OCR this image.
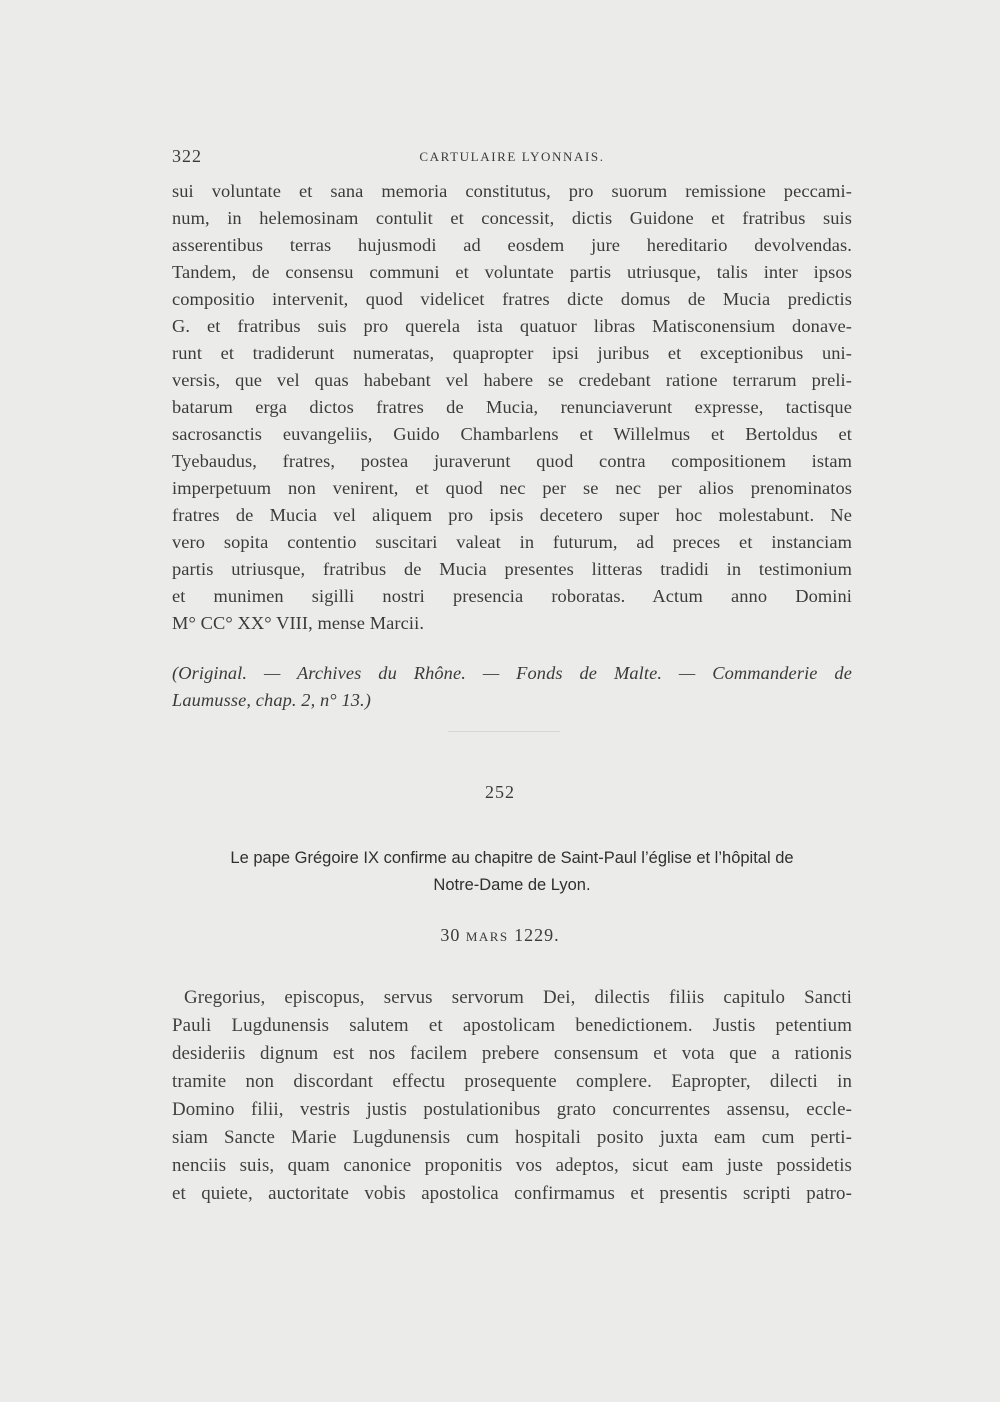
322	CARTULAIRE LYONNAIS.
sui voluntate et sana memoria constitutus, pro suorum remissione peccami-
num, in helemosinam contulit et concessit, dictis Guidone et fratribus suis
asserentibus terras hujusmodi ad eosdem jure hereditario devolvendas.
Tandem, de consensu communi et voluntate partis utriusque, talis inter ipsos
compositio intervenit, quod videlicet fratres dicte domus de Mucia predictis
G. et fratribus suis pro querela ista quatuor libras Matisconensium donave-
runt et tradiderunt numeratas, quapropter ipsi juribus et exceptionibus uni-
versis, que vel quas habebant vel habere se credebant ratione terrarum preli-
batarum erga dictos fratres de Mucia, renunciaverunt expresse, tactisque
sacrosanctis euvangeliis, Guido Chambarlens et Willelmus et Bertoldus et
Tyebaudus, fratres, postea juraverunt quod contra compositionem istam
imperpetuum non venirent, et quod nec per se nec per alios prenominatos
fratres de Mucia vel aliquem pro ipsis decetero super hoc molestabunt. Ne
vero sopita contentio suscitari valeat in futurum, ad preces et instanciam
partis utriusque, fratribus de Mucia presentes litteras tradidi in testimonium
et munimen sigilli nostri presencia roboratas. Actum anno Domini
M° CC° XX° VIII, mense Marcii.
(Original. — Archives du Rhône. — Fonds de Malte. — Commanderie de
Laumusse, chap. 2, n° 13.)
252
Le pape Grégoire IX confirme au chapitre de Saint-Paul l’église et l’hôpital de
Notre-Dame de Lyon.
30 MARS 1229.
Gregorius, episcopus, servus servorum Dei, dilectis filiis capitulo Sancti
Pauli Lugdunensis salutem et apostolicam benedictionem. Justis petentium
desideriis dignum est nos facilem prebere consensum et vota que a rationis
tramite non discordant effectu prosequente complere. Eapropter, dilecti in
Domino filii, vestris justis postulationibus grato concurrentes assensu, eccle-
siam Sancte Marie Lugdunensis cum hospitali posito juxta eam cum perti-
nenciis suis, quam canonice proponitis vos adeptos, sicut eam juste possidetis
et quiete, auctoritate vobis apostolica confirmamus et presentis scripti patro-
